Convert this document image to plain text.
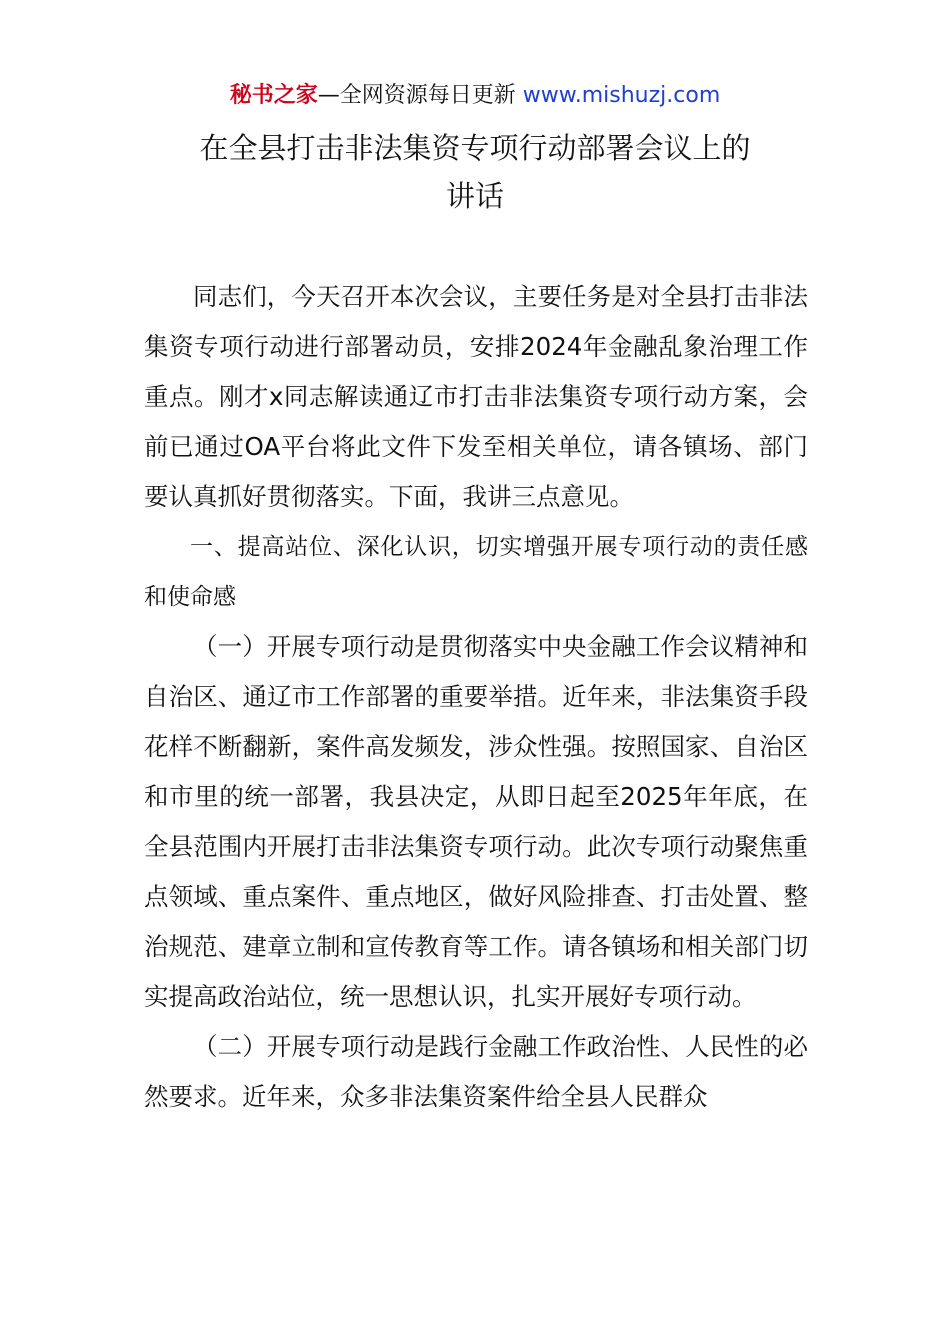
秘书之家—全网资源每日更新 www.mishuzj.com
在全县打击非法集资专项行动部署会议上的
讲话

同志们，今天召开本次会议，主要任务是对全县打击非法集资专项行动进行部署动员，安排2024年金融乱象治理工作重点。刚才x同志解读通辽市打击非法集资专项行动方案，会前已通过OA平台将此文件下发至相关单位，请各镇场、部门要认真抓好贯彻落实。下面，我讲三点意见。

一、提高站位、深化认识，切实增强开展专项行动的责任感和使命感

（一）开展专项行动是贯彻落实中央金融工作会议精神和自治区、通辽市工作部署的重要举措。近年来，非法集资手段花样不断翻新，案件高发频发，涉众性强。按照国家、自治区和市里的统一部署，我县决定，从即日起至2025年年底，在全县范围内开展打击非法集资专项行动。此次专项行动聚焦重点领域、重点案件、重点地区，做好风险排查、打击处置、整治规范、建章立制和宣传教育等工作。请各镇场和相关部门切实提高政治站位，统一思想认识，扎实开展好专项行动。

（二）开展专项行动是践行金融工作政治性、人民性的必然要求。近年来，众多非法集资案件给全县人民群众
